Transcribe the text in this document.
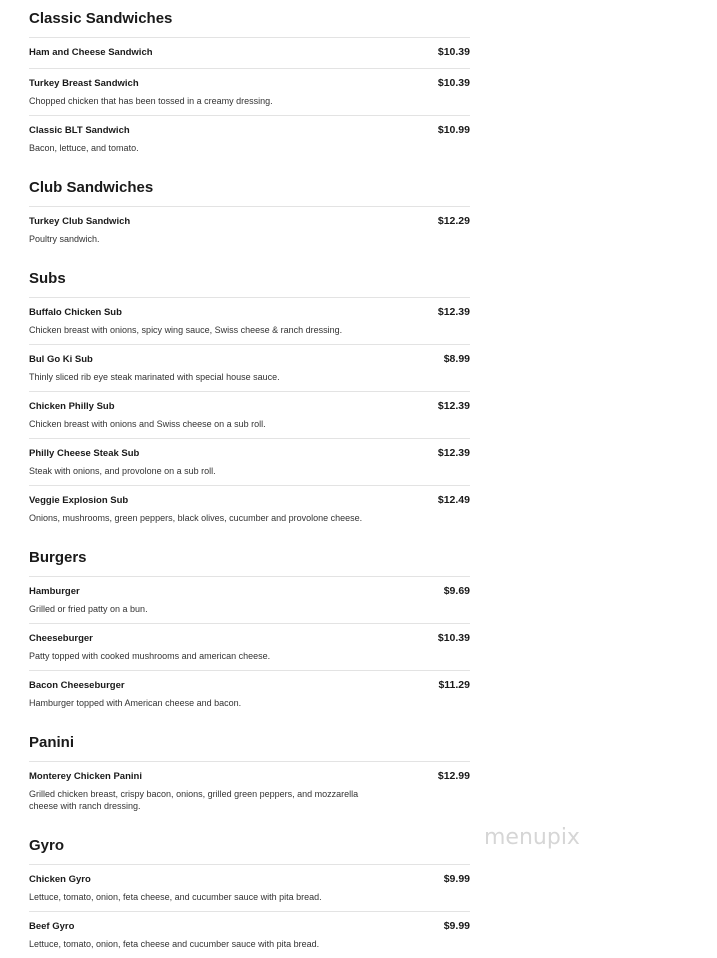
Classic Sandwiches
Ham and Cheese Sandwich	$10.39
Turkey Breast Sandwich
Chopped chicken that has been tossed in a creamy dressing.
$10.39
Classic BLT Sandwich
Bacon, lettuce, and tomato.
$10.99
Club Sandwiches
Turkey Club Sandwich
Poultry sandwich.
$12.29
Subs
Buffalo Chicken Sub
Chicken breast with onions, spicy wing sauce, Swiss cheese & ranch dressing.
$12.39
Bul Go Ki Sub
Thinly sliced rib eye steak marinated with special house sauce.
$8.99
Chicken Philly Sub
Chicken breast with onions and Swiss cheese on a sub roll.
$12.39
Philly Cheese Steak Sub
Steak with onions, and provolone on a sub roll.
$12.39
Veggie Explosion Sub
Onions, mushrooms, green peppers, black olives, cucumber and provolone cheese.
$12.49
Burgers
Hamburger
Grilled or fried patty on a bun.
$9.69
Cheeseburger
Patty topped with cooked mushrooms and american cheese.
$10.39
Bacon Cheeseburger
Hamburger topped with American cheese and bacon.
$11.29
Panini
Monterey Chicken Panini
Grilled chicken breast, crispy bacon, onions, grilled green peppers, and mozzarella cheese with ranch dressing.
$12.99
Gyro
Chicken Gyro
Lettuce, tomato, onion, feta cheese, and cucumber sauce with pita bread.
$9.99
Beef Gyro
Lettuce, tomato, onion, feta cheese and cucumber sauce with pita bread.
$9.99
menupix
